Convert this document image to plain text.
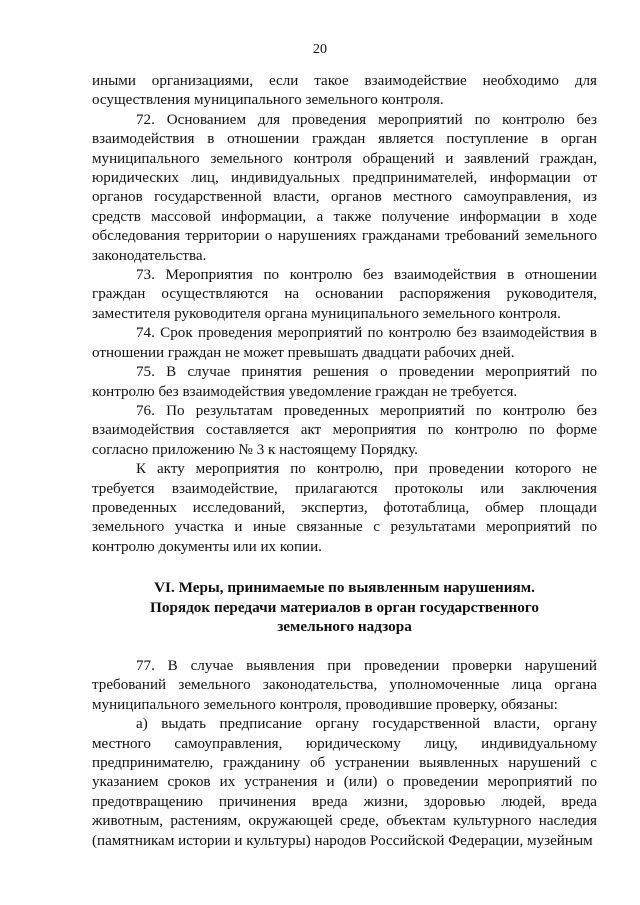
20

иными организациями, если такое взаимодействие необходимо для осуществления муниципального земельного контроля.

72. Основанием для проведения мероприятий по контролю без взаимодействия в отношении граждан является поступление в орган муниципального земельного контроля обращений и заявлений граждан, юридических лиц, индивидуальных предпринимателей, информации от органов государственной власти, органов местного самоуправления, из средств массовой информации, а также получение информации в ходе обследования территории о нарушениях гражданами требований земельного законодательства.

73. Мероприятия по контролю без взаимодействия в отношении граждан осуществляются на основании распоряжения руководителя, заместителя руководителя органа муниципального земельного контроля.

74. Срок проведения мероприятий по контролю без взаимодействия в отношении граждан не может превышать двадцати рабочих дней.

75. В случае принятия решения о проведении мероприятий по контролю без взаимодействия уведомление граждан не требуется.

76. По результатам проведенных мероприятий по контролю без взаимодействия составляется акт мероприятия по контролю по форме согласно приложению № 3 к настоящему Порядку.

К акту мероприятия по контролю, при проведении которого не требуется взаимодействие, прилагаются протоколы или заключения проведенных исследований, экспертиз, фототаблица, обмер площади земельного участка и иные связанные с результатами мероприятий по контролю документы или их копии.

VI. Меры, принимаемые по выявленным нарушениям.
Порядок передачи материалов в орган государственного
земельного надзора

77. В случае выявления при проведении проверки нарушений требований земельного законодательства, уполномоченные лица органа муниципального земельного контроля, проводившие проверку, обязаны:

а) выдать предписание органу государственной власти, органу местного самоуправления, юридическому лицу, индивидуальному предпринимателю, гражданину об устранении выявленных нарушений с указанием сроков их устранения и (или) о проведении мероприятий по предотвращению причинения вреда жизни, здоровью людей, вреда животным, растениям, окружающей среде, объектам культурного наследия (памятникам истории и культуры) народов Российской Федерации, музейным
